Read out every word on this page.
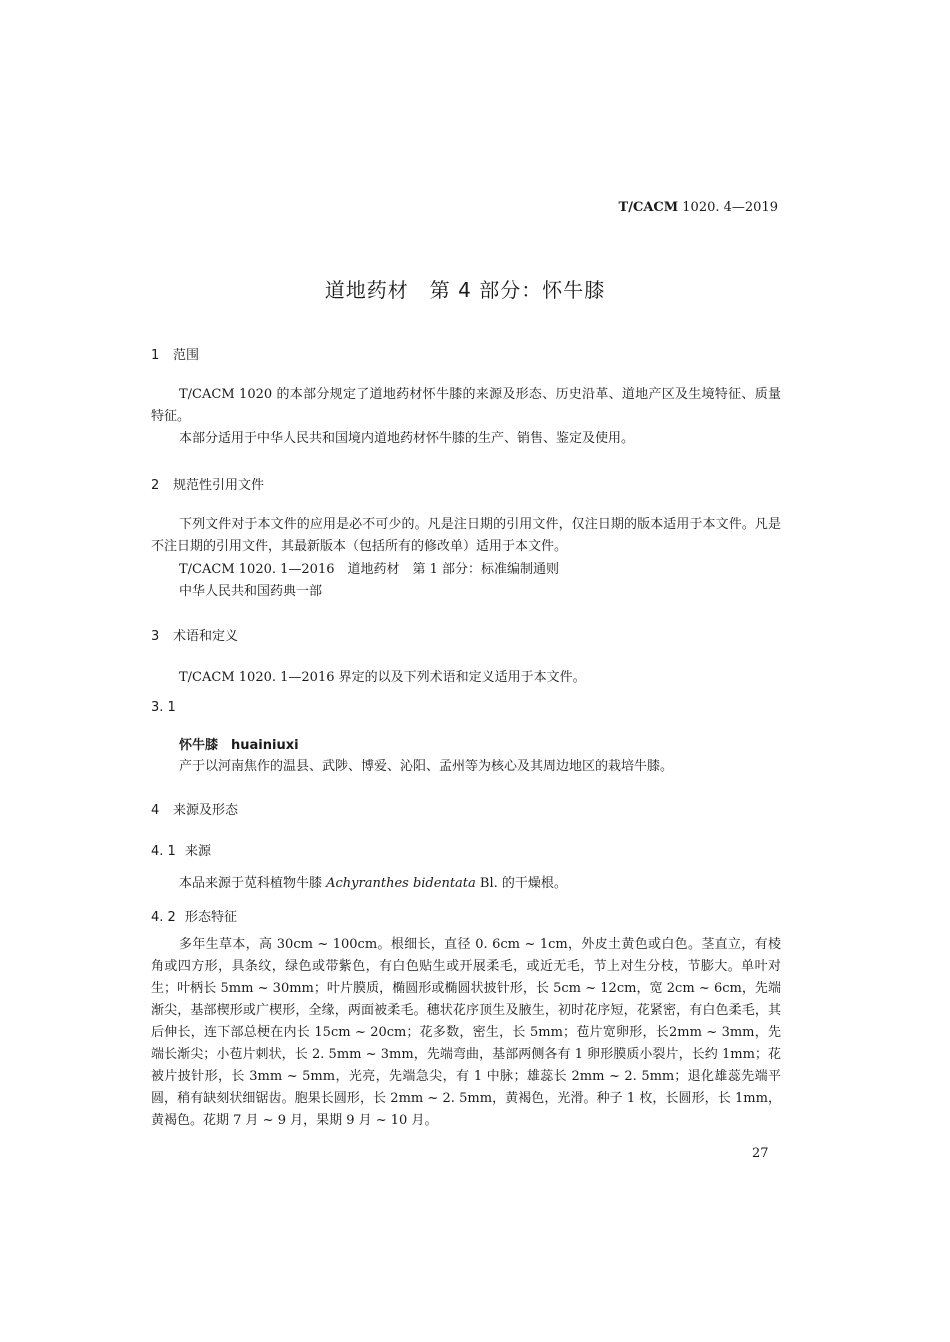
T/CACM 1020. 4—2019
道地药材　第 4 部分：怀牛膝
1 范围
T/CACM 1020 的本部分规定了道地药材怀牛膝的来源及形态、历史沿革、道地产区及生境特征、质量特征。
本部分适用于中华人民共和国境内道地药材怀牛膝的生产、销售、鉴定及使用。
2 规范性引用文件
下列文件对于本文件的应用是必不可少的。凡是注日期的引用文件，仅注日期的版本适用于本文件。凡是不注日期的引用文件，其最新版本（包括所有的修改单）适用于本文件。
T/CACM 1020. 1—2016　道地药材　第 1 部分：标准编制通则
中华人民共和国药典一部
3 术语和定义
T/CACM 1020. 1—2016 界定的以及下列术语和定义适用于本文件。
3. 1
怀牛膝　huainiuxi
产于以河南焦作的温县、武陟、博爱、沁阳、孟州等为核心及其周边地区的栽培牛膝。
4 来源及形态
4. 1 来源
本品来源于苋科植物牛膝 Achyranthes bidentata Bl. 的干燥根。
4. 2 形态特征
多年生草本，高 30cm ~ 100cm。根细长，直径 0. 6cm ~ 1cm，外皮土黄色或白色。茎直立，有棱角或四方形，具条纹，绿色或带紫色，有白色贴生或开展柔毛，或近无毛，节上对生分枝，节膨大。单叶对生；叶柄长 5mm ~ 30mm；叶片膜质，椭圆形或椭圆状披针形，长 5cm ~ 12cm，宽 2cm ~ 6cm，先端渐尖，基部楔形或广楔形，全缘，两面被柔毛。穗状花序顶生及腋生，初时花序短，花紧密，有白色柔毛，其后伸长，连下部总梗在内长 15cm ~ 20cm；花多数，密生，长 5mm；苞片宽卵形，长2mm ~ 3mm，先端长渐尖；小苞片刺状，长 2. 5mm ~ 3mm，先端弯曲，基部两侧各有 1 卵形膜质小裂片，长约 1mm；花被片披针形，长 3mm ~ 5mm，光亮，先端急尖，有 1 中脉；雄蕊长 2mm ~ 2. 5mm；退化雄蕊先端平圆，稍有缺刻状细锯齿。胞果长圆形，长 2mm ~ 2. 5mm，黄褐色，光滑。种子 1 枚，长圆形，长 1mm，黄褐色。花期 7 月 ~ 9 月，果期 9 月 ~ 10 月。
27
